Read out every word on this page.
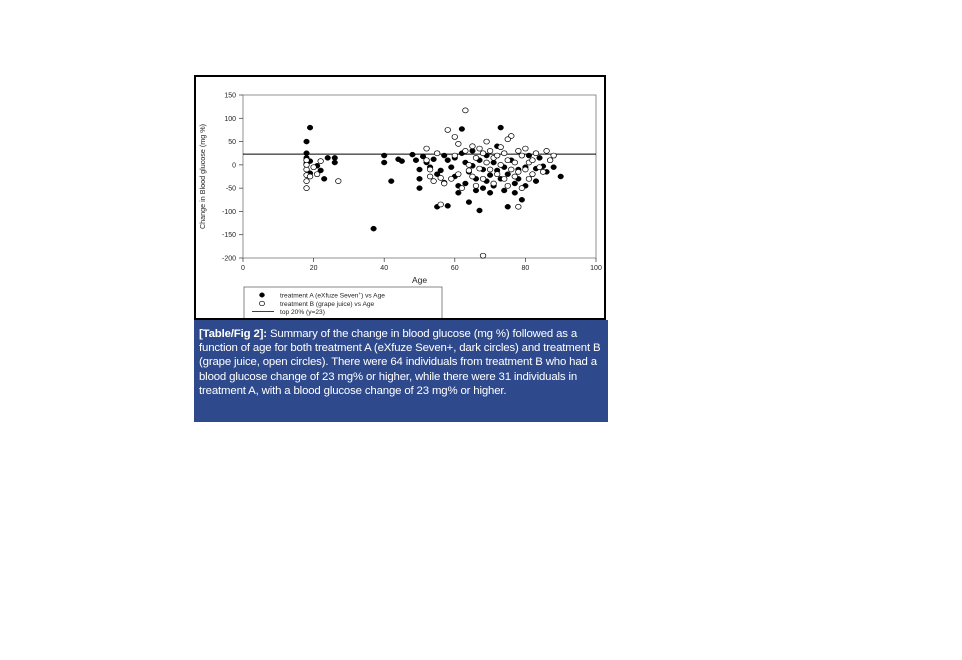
150
100
50
0
-50
-100
-150
-200
0	20	40	60	80	100
Age
Change in Blood glucose (mg %)
treatment A (eXfuze Seven+) vs Age
treatment B (grape juice) vs Age
top 20% (y=23)
[Table/Fig 2]: Summary of the change in blood glucose (mg %) followed as a function of age for both treatment A (eXfuze Seven+, dark circles) and treatment B (grape juice, open circles). There were 64 individuals from treatment B who had a blood glucose change of 23 mg% or higher, while there were 31 individuals in treatment A, with a blood glucose change of 23 mg% or higher.
